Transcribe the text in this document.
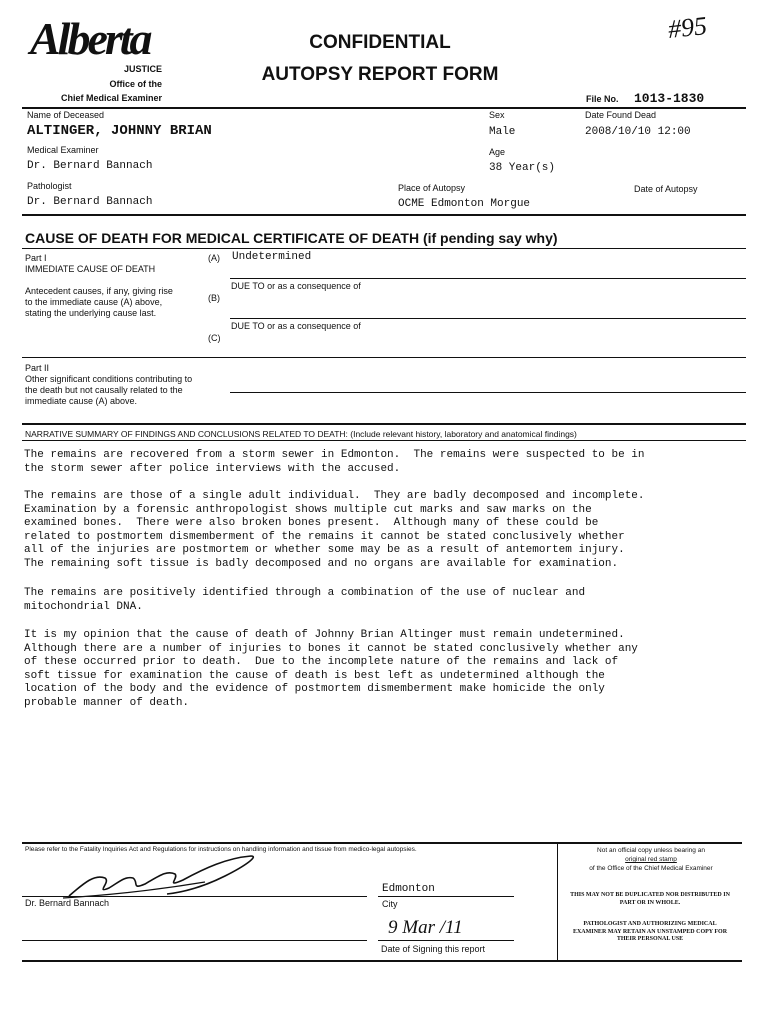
Alberta
JUSTICE
Office of the
Chief Medical Examiner
CONFIDENTIAL
AUTOPSY REPORT FORM
#95
File No. 1013-1830
Name of Deceased
ALTINGER, JOHNNY BRIAN
Sex
Male
Date Found Dead
2008/10/10 12:00
Medical Examiner
Dr. Bernard Bannach
Age
38 Year(s)
Pathologist
Dr. Bernard Bannach
Place of Autopsy
OCME Edmonton Morgue
Date of Autopsy
CAUSE OF DEATH FOR MEDICAL CERTIFICATE OF DEATH (if pending say why)
Part I
IMMEDIATE CAUSE OF DEATH
(A) Undetermined
Antecedent causes, if any, giving rise
to the immediate cause (A) above,
stating the underlying cause last.
DUE TO or as a consequence of
(B)
DUE TO or as a consequence of
(C)
Part II
Other significant conditions contributing to
the death but not causally related to the
immediate cause (A) above.
NARRATIVE SUMMARY OF FINDINGS AND CONCLUSIONS RELATED TO DEATH: (Include relevant history, laboratory and anatomical findings)
The remains are recovered from a storm sewer in Edmonton.  The remains were suspected to be in
the storm sewer after police interviews with the accused.
The remains are those of a single adult individual.  They are badly decomposed and incomplete.
Examination by a forensic anthropologist shows multiple cut marks and saw marks on the
examined bones.  There were also broken bones present.  Although many of these could be
related to postmortem dismemberment of the remains it cannot be stated conclusively whether
all of the injuries are postmortem or whether some may be as a result of antemortem injury.
The remaining soft tissue is badly decomposed and no organs are available for examination.
The remains are positively identified through a combination of the use of nuclear and
mitochondrial DNA.
It is my opinion that the cause of death of Johnny Brian Altinger must remain undetermined.
Although there are a number of injuries to bones it cannot be stated conclusively whether any
of these occurred prior to death.  Due to the incomplete nature of the remains and lack of
soft tissue for examination the cause of death is best left as undetermined although the
location of the body and the evidence of postmortem dismemberment make homicide the only
probable manner of death.
Please refer to the Fatality Inquiries Act and Regulations for instructions on handling information and tissue from medico-legal autopsies.
Dr. Bernard Bannach
Edmonton
City
9 Mar /11
Date of Signing this report
Not an official copy unless bearing an
original red stamp
of the Office of the Chief Medical Examiner
THIS MAY NOT BE DUPLICATED NOR DISTRIBUTED IN PART OR IN WHOLE.
PATHOLOGIST AND AUTHORIZING MEDICAL EXAMINER MAY RETAIN AN UNSTAMPED COPY FOR THEIR PERSONAL USE
